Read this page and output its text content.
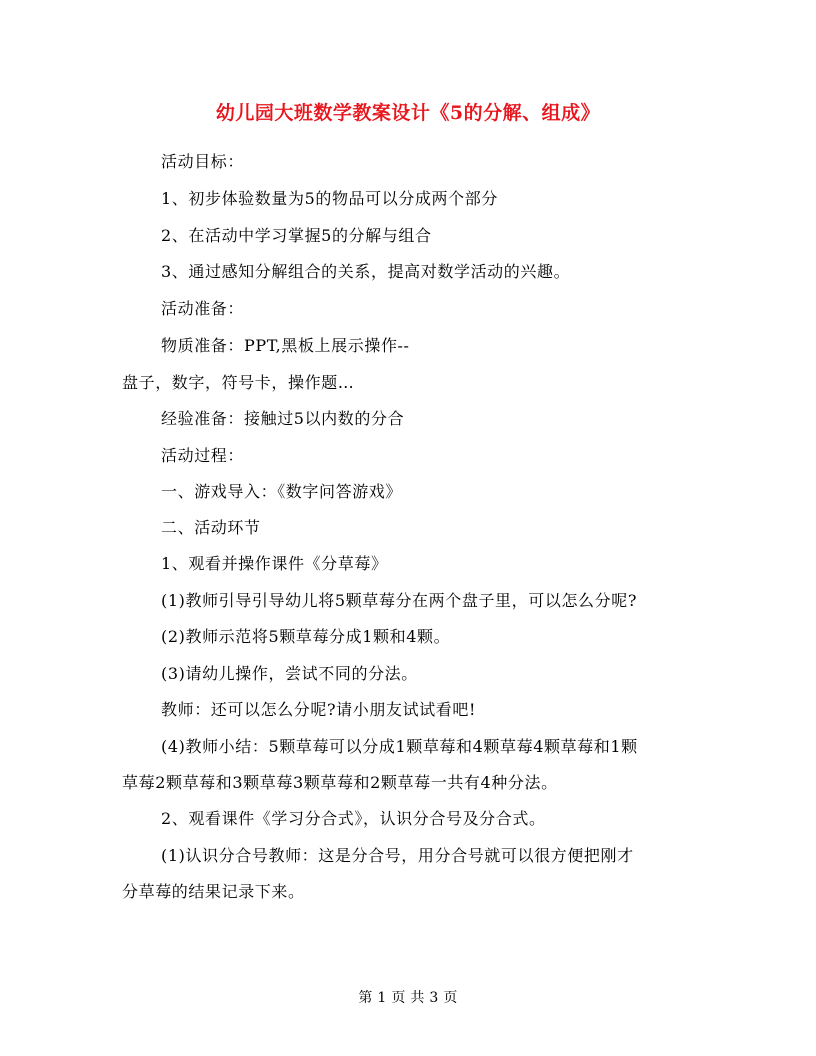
幼儿园大班数学教案设计《5的分解、组成》
活动目标：
1、初步体验数量为5的物品可以分成两个部分
2、在活动中学习掌握5的分解与组合
3、通过感知分解组合的关系，提高对数学活动的兴趣。
活动准备：
物质准备：PPT,黑板上展示操作--
盘子，数字，符号卡，操作题…
经验准备：接触过5以内数的分合
活动过程：
一、游戏导入：《数字问答游戏》
二、活动环节
1、观看并操作课件《分草莓》
(1)教师引导引导幼儿将5颗草莓分在两个盘子里，可以怎么分呢?
(2)教师示范将5颗草莓分成1颗和4颗。
(3)请幼儿操作，尝试不同的分法。
教师：还可以怎么分呢?请小朋友试试看吧!
(4)教师小结：5颗草莓可以分成1颗草莓和4颗草莓4颗草莓和1颗
草莓2颗草莓和3颗草莓3颗草莓和2颗草莓一共有4种分法。
2、观看课件《学习分合式》，认识分合号及分合式。
(1)认识分合号教师：这是分合号，用分合号就可以很方便把刚才
分草莓的结果记录下来。
第 1 页 共 3 页
